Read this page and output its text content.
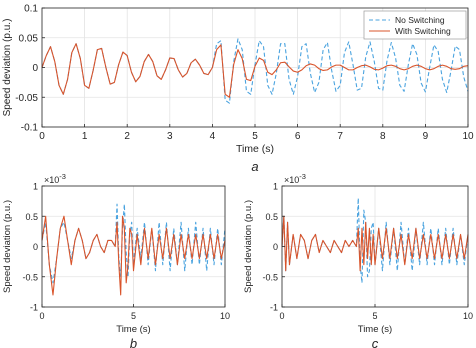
0	1	2	3	4	5	6	7	8	9	10
-0.1
-0.05
0
0.05
0.1
Time (s)
Speed deviation (p.u.)
a
No Switching
With Switching
0	5	10
-1
-0.5
0
0.5
1
$\times 10^{-3}$
Time (s)
Speed deviation (p.u.)
b
0	5	10
-1
-0.5
0
0.5
1
$\times 10^{-3}$
Time (s)
Speed deviation (p.u.)
c
